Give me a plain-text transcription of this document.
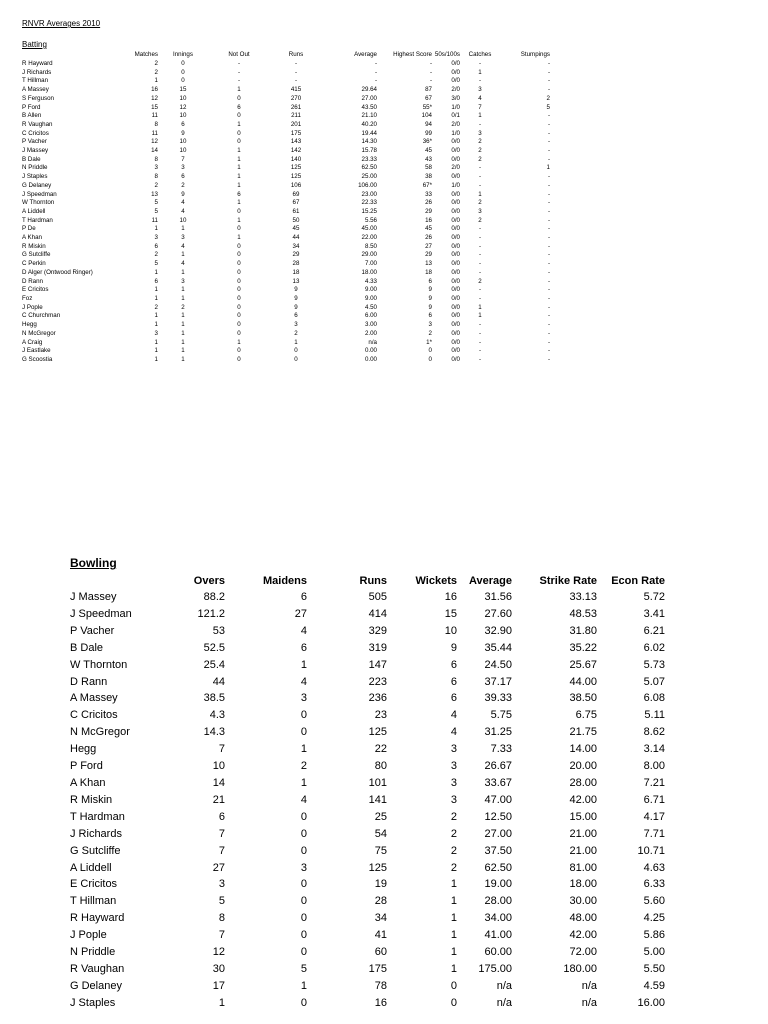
RNVR Averages 2010
Batting
	Matches	Innings	Not Out	Runs	Average	Highest Score	50s/100s	Catches	Stumpings
R Hayward	2	0	-	-	-	-	0/0	-	-
J Richards	2	0	-	-	-	-	0/0	1	-
T Hillman	1	0	-	-	-	-	0/0	-	-
A Massey	16	15	1	415	29.64	87	2/0	3	-
S Ferguson	12	10	0	270	27.00	67	3/0	4	2
P Ford	15	12	6	261	43.50	55*	1/0	7	5
B Allen	11	10	0	211	21.10	104	0/1	1	-
R Vaughan	8	6	1	201	40.20	94	2/0	-	-
C Cricitos	11	9	0	175	19.44	99	1/0	3	-
P Vacher	12	10	0	143	14.30	36*	0/0	2	-
J Massey	14	10	1	142	15.78	45	0/0	2	-
B Dale	8	7	1	140	23.33	43	0/0	2	-
N Priddle	3	3	1	125	62.50	58	2/0	-	1
J Staples	8	6	1	125	25.00	38	0/0	-	-
G Delaney	2	2	1	106	106.00	67*	1/0	-	-
J Speedman	13	9	6	69	23.00	33	0/0	1	-
W Thornton	5	4	1	67	22.33	26	0/0	2	-
A Liddell	5	4	0	61	15.25	29	0/0	3	-
T Hardman	11	10	1	50	5.56	16	0/0	2	-
P De	1	1	0	45	45.00	45	0/0	-	-
A Khan	3	3	1	44	22.00	26	0/0	-	-
R Miskin	6	4	0	34	8.50	27	0/0	-	-
G Sutcliffe	2	1	0	29	29.00	29	0/0	-	-
C Perkin	5	4	0	28	7.00	13	0/0	-	-
D Alger (Ontwood Ringer)	1	1	0	18	18.00	18	0/0	-	-
D Rann	6	3	0	13	4.33	6	0/0	2	-
E Cricitos	1	1	0	9	9.00	9	0/0	-	-
Foz	1	1	0	9	9.00	9	0/0	-	-
J Pople	2	2	0	9	4.50	9	0/0	1	-
C Churchman	1	1	0	6	6.00	6	0/0	1	-
Hegg	1	1	0	3	3.00	3	0/0	-	-
N McGregor	3	1	0	2	2.00	2	0/0	-	-
A Craig	1	1	1	1	n/a	1*	0/0	-	-
J Eastlake	1	1	0	0	0.00	0	0/0	-	-
G Scoostia	1	1	0	0	0.00	0	0/0	-	-
Bowling
	Overs	Maidens	Runs	Wickets	Average	Strike Rate	Econ Rate
J Massey	88.2	6	505	16	31.56	33.13	5.72
J Speedman	121.2	27	414	15	27.60	48.53	3.41
P Vacher	53	4	329	10	32.90	31.80	6.21
B Dale	52.5	6	319	9	35.44	35.22	6.02
W Thornton	25.4	1	147	6	24.50	25.67	5.73
D Rann	44	4	223	6	37.17	44.00	5.07
A Massey	38.5	3	236	6	39.33	38.50	6.08
C Cricitos	4.3	0	23	4	5.75	6.75	5.11
N McGregor	14.3	0	125	4	31.25	21.75	8.62
Hegg	7	1	22	3	7.33	14.00	3.14
P Ford	10	2	80	3	26.67	20.00	8.00
A Khan	14	1	101	3	33.67	28.00	7.21
R Miskin	21	4	141	3	47.00	42.00	6.71
T Hardman	6	0	25	2	12.50	15.00	4.17
J Richards	7	0	54	2	27.00	21.00	7.71
G Sutcliffe	7	0	75	2	37.50	21.00	10.71
A Liddell	27	3	125	2	62.50	81.00	4.63
E Cricitos	3	0	19	1	19.00	18.00	6.33
T Hillman	5	0	28	1	28.00	30.00	5.60
R Hayward	8	0	34	1	34.00	48.00	4.25
J Pople	7	0	41	1	41.00	42.00	5.86
N Priddle	12	0	60	1	60.00	72.00	5.00
R Vaughan	30	5	175	1	175.00	180.00	5.50
G Delaney	17	1	78	0	n/a	n/a	4.59
J Staples	1	0	16	0	n/a	n/a	16.00
